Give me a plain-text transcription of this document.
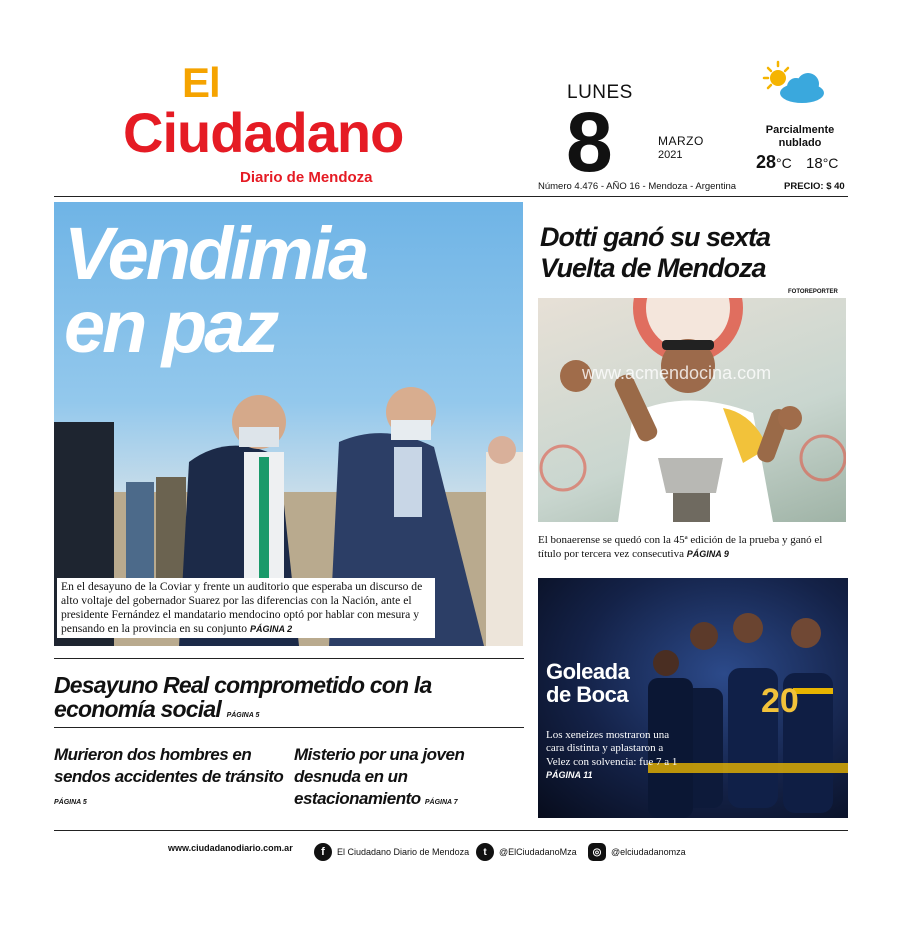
El
Ciudadano
Diario de Mendoza
LUNES
8	MARZO
2021
Número 4.476 - AÑO 16 - Mendoza - Argentina
Parcialmente nublado
28°C 18°C
PRECIO: $ 40
Vendimia
en paz
En el desayuno de la Coviar y frente un auditorio que esperaba un discurso de alto voltaje del gobernador Suarez por las diferencias con la Nación, ante el presidente Fernández el mandatario mendocino optó por hablar con mesura y pensando en la provincia en su conjunto PÁGINA 2
Dotti ganó su sexta Vuelta de Mendoza
FOTOREPORTER
www.acmendocina.com
El bonaerense se quedó con la 45ª edición de la prueba y ganó el título por tercera vez consecutiva PÁGINA 9
20
Goleada
de Boca
Los xeneizes mostraron una cara distinta y aplastaron a Velez con solvencia: fue 7 a 1 PÁGINA 11
Desayuno Real comprometido con la economía social PÁGINA 5
Murieron dos hombres en sendos accidentes de tránsito PÁGINA 5
Misterio por una joven desnuda en un estacionamiento PÁGINA 7
www.ciudadanodiario.com.ar	f	El Ciudadano Diario de Mendoza	t	@ElCiudadanoMza	◎	@elciudadanomza
